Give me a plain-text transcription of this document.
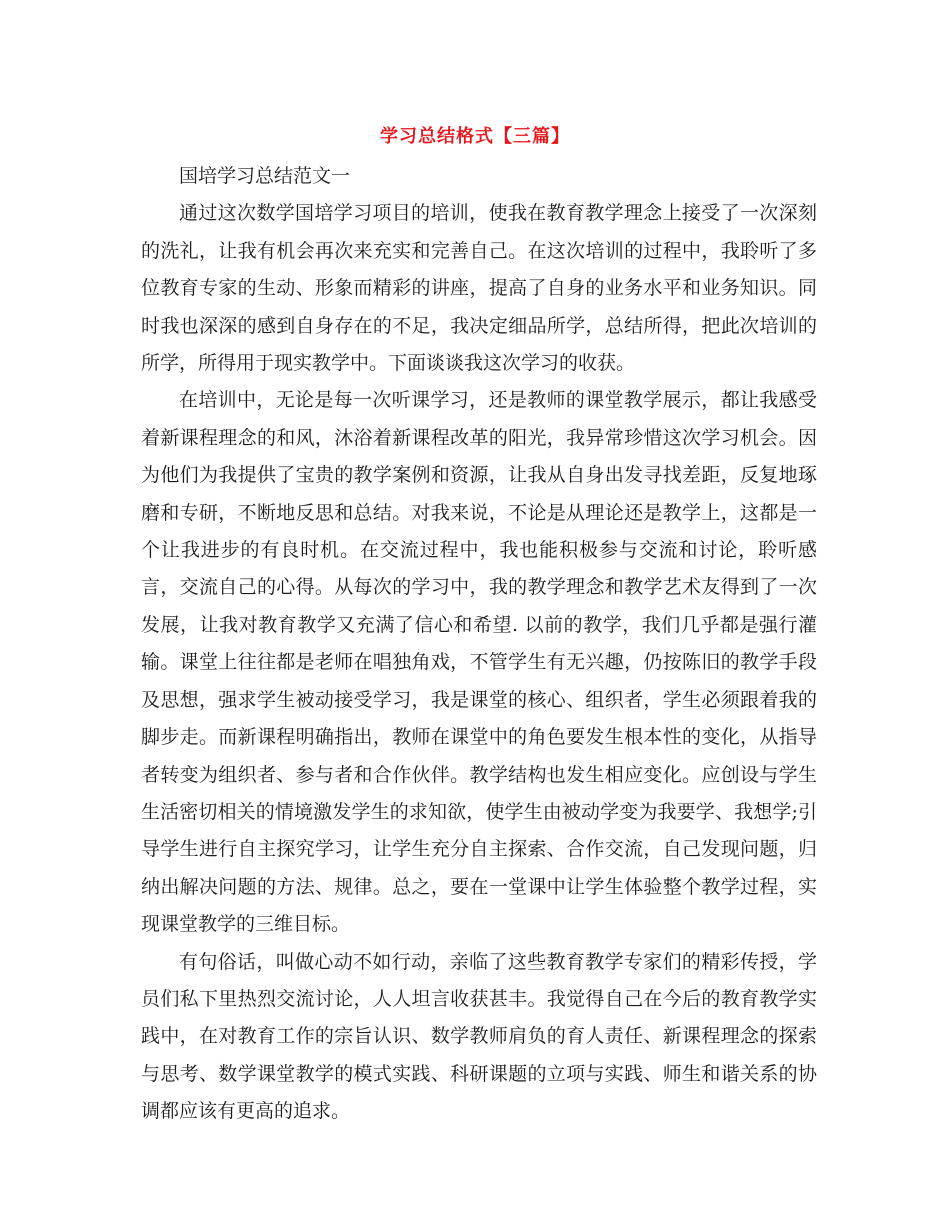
学习总结格式【三篇】

国培学习总结范文一

通过这次数学国培学习项目的培训，使我在教育教学理念上接受了一次深刻的洗礼，让我有机会再次来充实和完善自己。在这次培训的过程中，我聆听了多位教育专家的生动、形象而精彩的讲座，提高了自身的业务水平和业务知识。同时我也深深的感到自身存在的不足，我决定细品所学，总结所得，把此次培训的所学，所得用于现实教学中。下面谈谈我这次学习的收获。

在培训中，无论是每一次听课学习，还是教师的课堂教学展示，都让我感受着新课程理念的和风，沐浴着新课程改革的阳光，我异常珍惜这次学习机会。因为他们为我提供了宝贵的教学案例和资源，让我从自身出发寻找差距，反复地琢磨和专研，不断地反思和总结。对我来说，不论是从理论还是教学上，这都是一个让我进步的有良时机。在交流过程中，我也能积极参与交流和讨论，聆听感言，交流自己的心得。从每次的学习中，我的教学理念和教学艺术友得到了一次发展，让我对教育教学又充满了信心和希望. 以前的教学，我们几乎都是强行灌输。课堂上往往都是老师在唱独角戏，不管学生有无兴趣，仍按陈旧的教学手段及思想，强求学生被动接受学习，我是课堂的核心、组织者，学生必须跟着我的脚步走。而新课程明确指出，教师在课堂中的角色要发生根本性的变化，从指导者转变为组织者、参与者和合作伙伴。教学结构也发生相应变化。应创设与学生生活密切相关的情境激发学生的求知欲，使学生由被动学变为我要学、我想学;引导学生进行自主探究学习，让学生充分自主探索、合作交流，自己发现问题，归纳出解决问题的方法、规律。总之，要在一堂课中让学生体验整个教学过程，实现课堂教学的三维目标。

有句俗话，叫做心动不如行动，亲临了这些教育教学专家们的精彩传授，学员们私下里热烈交流讨论，人人坦言收获甚丰。我觉得自己在今后的教育教学实践中，在对教育工作的宗旨认识、数学教师肩负的育人责任、新课程理念的探索与思考、数学课堂教学的模式实践、科研课题的立项与实践、师生和谐关系的协调都应该有更高的追求。
